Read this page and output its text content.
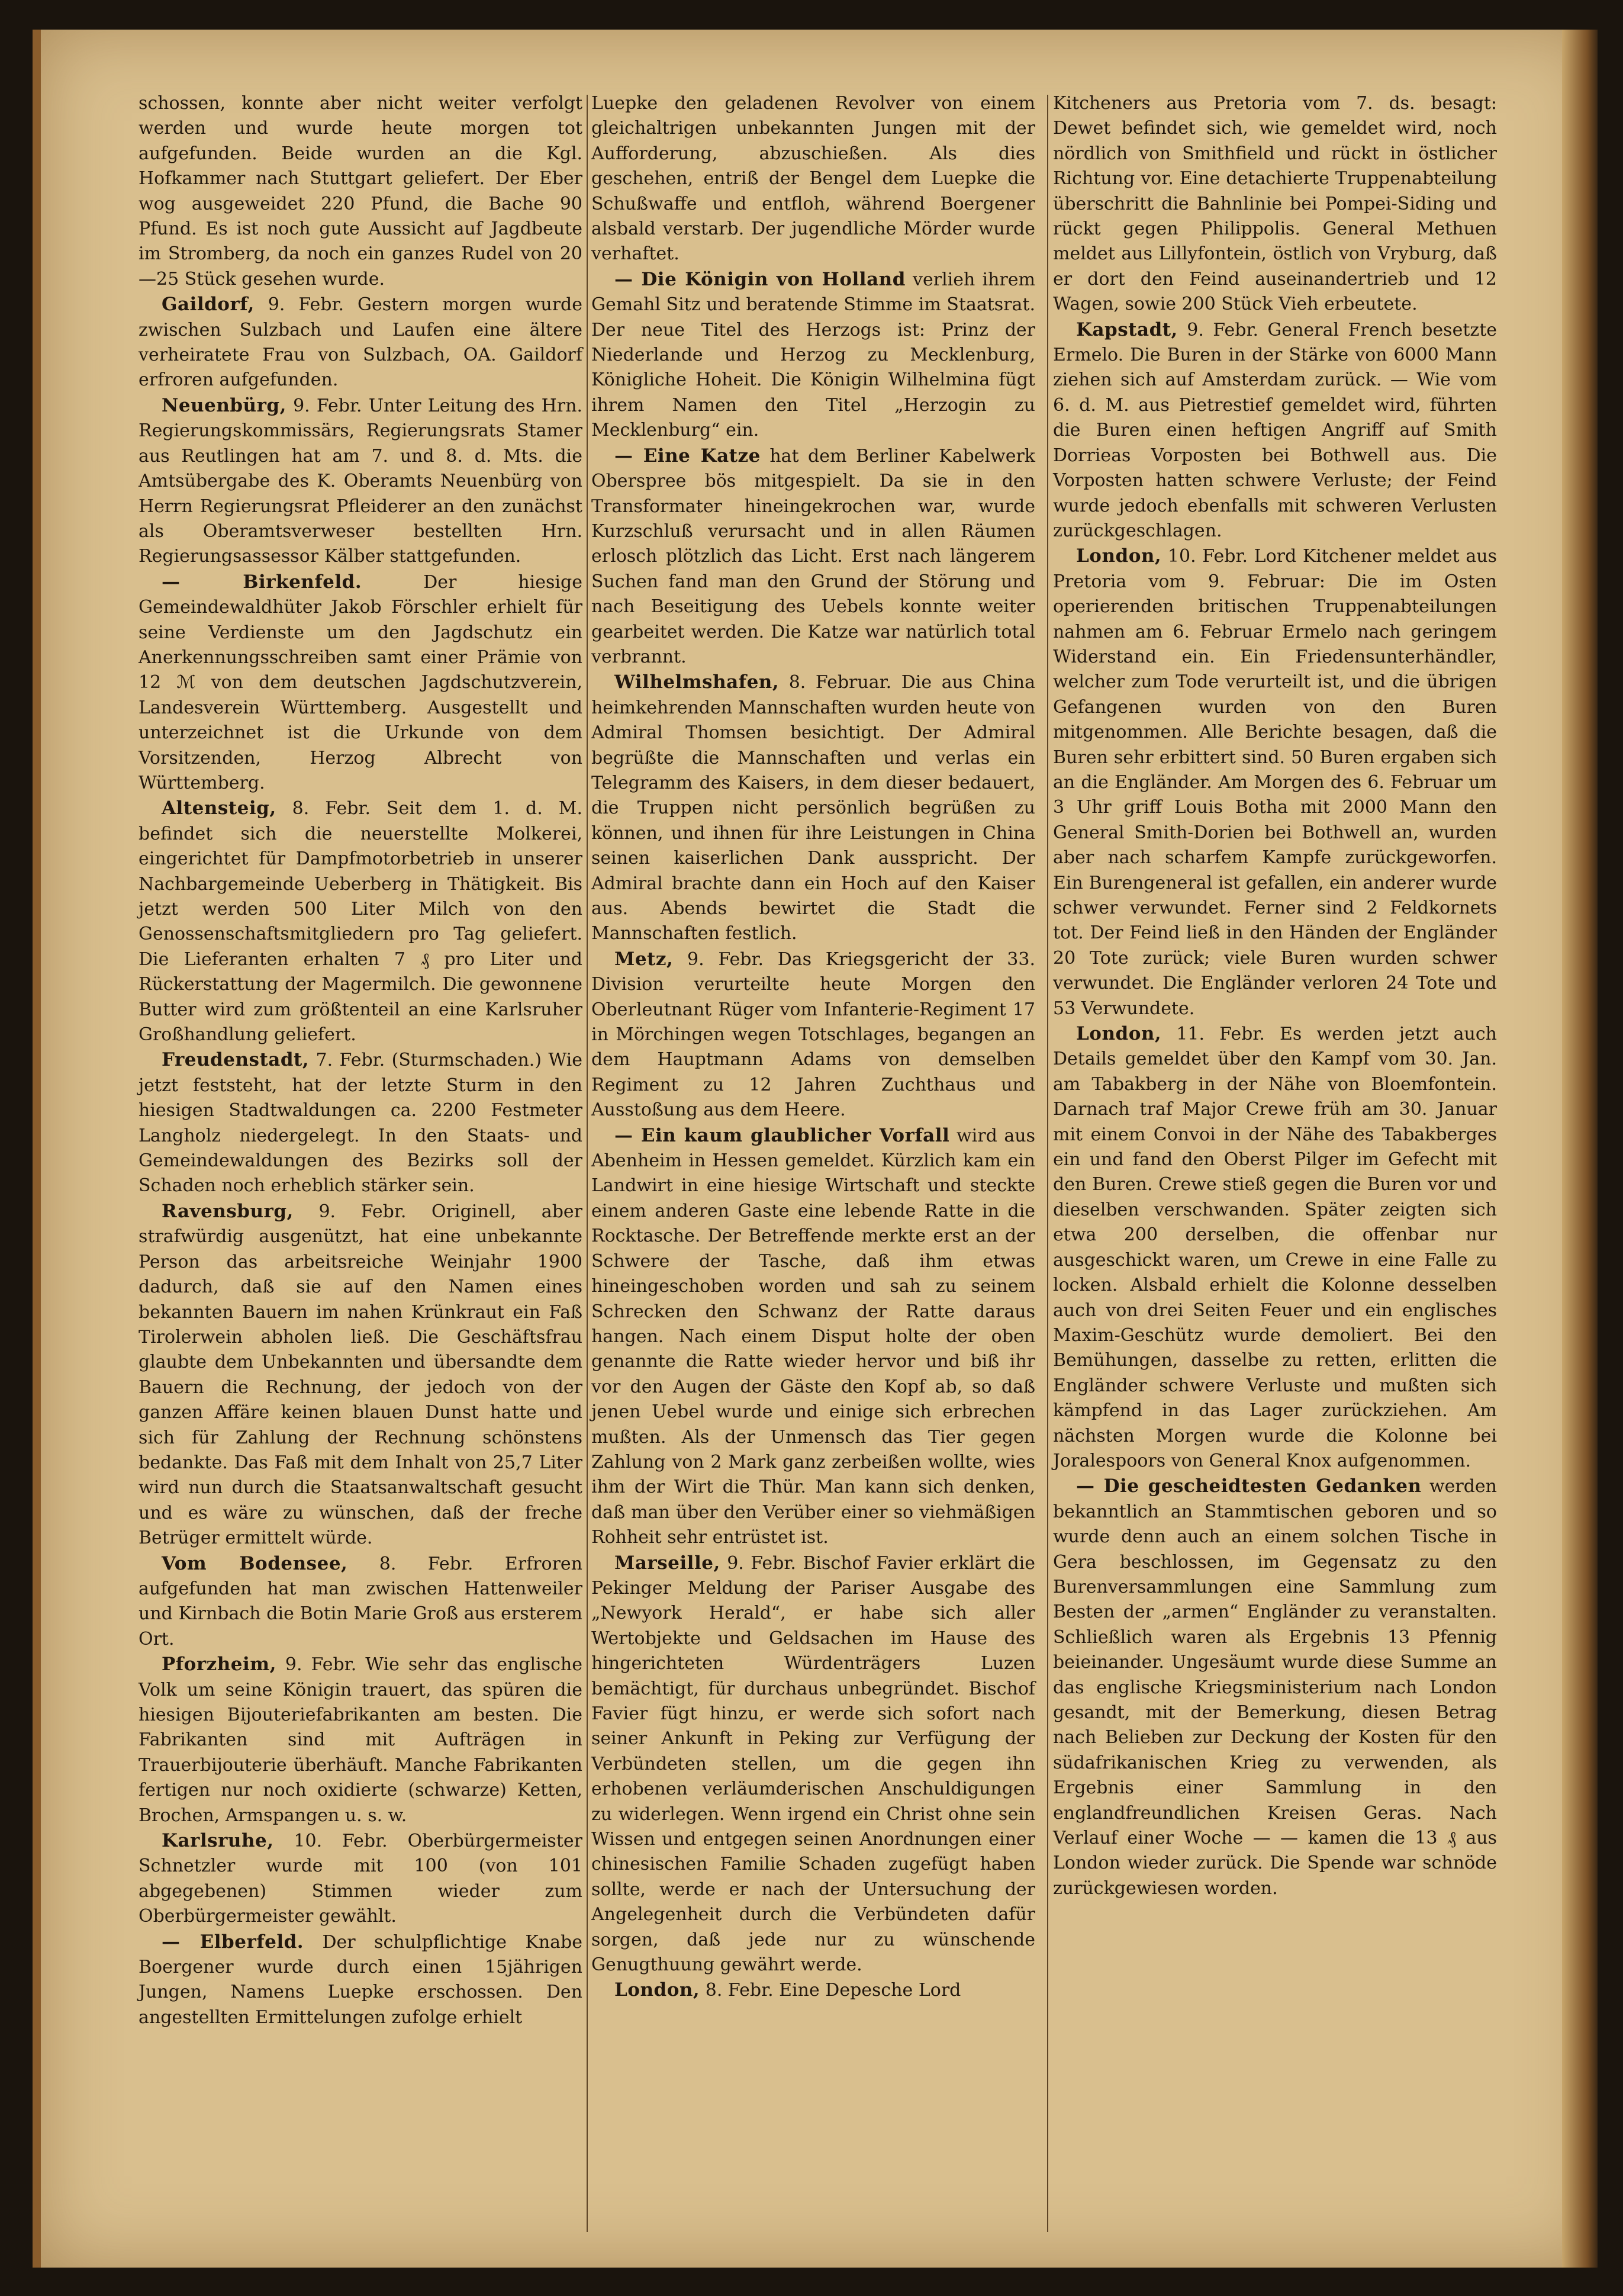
schossen, konnte aber nicht weiter verfolgt werden und wurde heute morgen tot aufgefunden. Beide wurden an die Kgl. Hofkammer nach Stuttgart geliefert. Der Eber wog ausgeweidet 220 Pfund, die Bache 90 Pfund. Es ist noch gute Aussicht auf Jagdbeute im Stromberg, da noch ein ganzes Rudel von 20—25 Stück gesehen wurde.

Gaildorf, 9. Febr. Gestern morgen wurde zwischen Sulzbach und Laufen eine ältere verheiratete Frau von Sulzbach, OA. Gaildorf erfroren aufgefunden.

Neuenbürg, 9. Febr. Unter Leitung des Hrn. Regierungskommissärs, Regierungsrats Stamer aus Reutlingen hat am 7. und 8. d. Mts. die Amtsübergabe des K. Oberamts Neuenbürg von Herrn Regierungsrat Pfleiderer an den zunächst als Oberamtsverweser bestellten Hrn. Regierungsassessor Kälber stattgefunden.

— Birkenfeld.	Der hiesige Gemeindewaldhüter Jakob Förschler erhielt für seine Verdienste um den Jagdschutz ein Anerkennungsschreiben samt einer Prämie von 12 ℳ von dem deutschen Jagdschutzverein, Landesverein Württemberg. Ausgestellt und unterzeichnet ist die Urkunde von dem Vorsitzenden, Herzog Albrecht von Württemberg.

Altensteig, 8. Febr. Seit dem 1. d. M. befindet sich die neuerstellte Molkerei, eingerichtet für Dampfmotorbetrieb in unserer Nachbargemeinde Ueberberg in Thätigkeit. Bis jetzt werden 500 Liter Milch von den Genossenschaftsmitgliedern pro Tag geliefert. Die Lieferanten erhalten 7 ₰ pro Liter und Rückerstattung der Magermilch. Die gewonnene Butter wird zum größtenteil an eine Karlsruher Großhandlung geliefert.

Freudenstadt, 7. Febr. (Sturmschaden.) Wie jetzt feststeht, hat der letzte Sturm in den hiesigen Stadtwaldungen ca. 2200 Festmeter Langholz niedergelegt. In den Staats- und Gemeindewaldungen des Bezirks soll der Schaden noch erheblich stärker sein.

Ravensburg, 9. Febr. Originell, aber strafwürdig ausgenützt, hat eine unbekannte Person das arbeitsreiche Weinjahr 1900 dadurch, daß sie auf den Namen eines bekannten Bauern im nahen Krünkraut ein Faß Tirolerwein abholen ließ. Die Geschäftsfrau glaubte dem Unbekannten und übersandte dem Bauern die Rechnung, der jedoch von der ganzen Affäre keinen blauen Dunst hatte und sich für Zahlung der Rechnung schönstens bedankte. Das Faß mit dem Inhalt von 25,7 Liter wird nun durch die Staatsanwaltschaft gesucht und es wäre zu wünschen, daß der freche Betrüger ermittelt würde.

Vom Bodensee, 8. Febr. Erfroren aufgefunden hat man zwischen Hattenweiler und Kirnbach die Botin Marie Groß aus ersterem Ort.

Pforzheim, 9. Febr. Wie sehr das englische Volk um seine Königin trauert, das spüren die hiesigen Bijouteriefabrikanten am besten. Die Fabrikanten sind mit Aufträgen in Trauerbijouterie überhäuft. Manche Fabrikanten fertigen nur noch oxidierte (schwarze) Ketten, Brochen, Armspangen u. s. w.

Karlsruhe, 10. Febr. Oberbürgermeister Schnetzler wurde mit 100 (von 101 abgegebenen) Stimmen wieder zum Oberbürgermeister gewählt.

— Elberfeld. Der schulpflichtige Knabe Boergener wurde durch einen 15jährigen Jungen, Namens Luepke erschossen. Den angestellten Ermittelungen zufolge erhielt

Luepke den geladenen Revolver von einem gleichaltrigen unbekannten Jungen mit der Aufforderung, abzuschießen. Als dies geschehen, entriß der Bengel dem Luepke die Schußwaffe und entfloh, während Boergener alsbald verstarb. Der jugendliche Mörder wurde verhaftet.

— Die Königin von Holland verlieh ihrem Gemahl Sitz und beratende Stimme im Staatsrat. Der neue Titel des Herzogs ist: Prinz der Niederlande und Herzog zu Mecklenburg, Königliche Hoheit. Die Königin Wilhelmina fügt ihrem Namen den Titel „Herzogin zu Mecklenburg“ ein.

— Eine Katze hat dem Berliner Kabelwerk Oberspree bös mitgespielt. Da sie in den Transformater hineingekrochen war, wurde Kurzschluß verursacht und in allen Räumen erlosch plötzlich das Licht. Erst nach längerem Suchen fand man den Grund der Störung und nach Beseitigung des Uebels konnte weiter gearbeitet werden. Die Katze war natürlich total verbrannt.

Wilhelmshafen, 8. Februar. Die aus China heimkehrenden Mannschaften wurden heute von Admiral Thomsen besichtigt. Der Admiral begrüßte die Mannschaften und verlas ein Telegramm des Kaisers, in dem dieser bedauert, die Truppen nicht persönlich begrüßen zu können, und ihnen für ihre Leistungen in China seinen kaiserlichen Dank ausspricht. Der Admiral brachte dann ein Hoch auf den Kaiser aus. Abends bewirtet die Stadt die Mannschaften festlich.

Metz, 9. Febr. Das Kriegsgericht der 33. Division verurteilte heute Morgen den Oberleutnant Rüger vom Infanterie-Regiment 17 in Mörchingen wegen Totschlages, begangen an dem Hauptmann Adams von demselben Regiment zu 12 Jahren Zuchthaus und Ausstoßung aus dem Heere.

— Ein kaum glaublicher Vorfall wird aus Abenheim in Hessen gemeldet. Kürzlich kam ein Landwirt in eine hiesige Wirtschaft und steckte einem anderen Gaste eine lebende Ratte in die Rocktasche. Der Betreffende merkte erst an der Schwere der Tasche, daß ihm etwas hineingeschoben worden und sah zu seinem Schrecken den Schwanz der Ratte daraus hangen. Nach einem Disput holte der oben genannte die Ratte wieder hervor und biß ihr vor den Augen der Gäste den Kopf ab, so daß jenen Uebel wurde und einige sich erbrechen mußten. Als der Unmensch das Tier gegen Zahlung von 2 Mark ganz zerbeißen wollte, wies ihm der Wirt die Thür. Man kann sich denken, daß man über den Verüber einer so viehmäßigen Rohheit sehr entrüstet ist.

Marseille, 9. Febr. Bischof Favier erklärt die Pekinger Meldung der Pariser Ausgabe des „Newyork Herald“, er habe sich aller Wertobjekte und Geldsachen im Hause des hingerichteten Würdenträgers Luzen bemächtigt, für durchaus unbegründet. Bischof Favier fügt hinzu, er werde sich sofort nach seiner Ankunft in Peking zur Verfügung der Verbündeten stellen, um die gegen ihn erhobenen verläumderischen Anschuldigungen zu widerlegen. Wenn irgend ein Christ ohne sein Wissen und entgegen seinen Anordnungen einer chinesischen Familie Schaden zugefügt haben sollte, werde er nach der Untersuchung der Angelegenheit durch die Verbündeten dafür sorgen, daß jede nur zu wünschende Genugthuung gewährt werde.

London, 8. Febr. Eine Depesche Lord

Kitcheners aus Pretoria vom 7. ds. besagt: Dewet befindet sich, wie gemeldet wird, noch nördlich von Smithfield und rückt in östlicher Richtung vor. Eine detachierte Truppenabteilung überschritt die Bahnlinie bei Pompei-Siding und rückt gegen Philippolis. General Methuen meldet aus Lillyfontein, östlich von Vryburg, daß er dort den Feind auseinandertrieb und 12 Wagen, sowie 200 Stück Vieh erbeutete.

Kapstadt, 9. Febr. General French besetzte Ermelo. Die Buren in der Stärke von 6000 Mann ziehen sich auf Amsterdam zurück. — Wie vom 6. d. M. aus Pietrestief gemeldet wird, führten die Buren einen heftigen Angriff auf Smith Dorrieas Vorposten bei Bothwell aus. Die Vorposten hatten schwere Verluste; der Feind wurde jedoch ebenfalls mit schweren Verlusten zurückgeschlagen.

London, 10. Febr. Lord Kitchener meldet aus Pretoria vom 9. Februar: Die im Osten operierenden britischen Truppenabteilungen nahmen am 6. Februar Ermelo nach geringem Widerstand ein. Ein Friedensunterhändler, welcher zum Tode verurteilt ist, und die übrigen Gefangenen wurden von den Buren mitgenommen. Alle Berichte besagen, daß die Buren sehr erbittert sind. 50 Buren ergaben sich an die Engländer. Am Morgen des 6. Februar um 3 Uhr griff Louis Botha mit 2000 Mann den General Smith-Dorien bei Bothwell an, wurden aber nach scharfem Kampfe zurückgeworfen. Ein Burengeneral ist gefallen, ein anderer wurde schwer verwundet. Ferner sind 2 Feldkornets tot. Der Feind ließ in den Händen der Engländer 20 Tote zurück; viele Buren wurden schwer verwundet. Die Engländer verloren 24 Tote und 53 Verwundete.

London, 11. Febr. Es werden jetzt auch Details gemeldet über den Kampf vom 30. Jan. am Tabakberg in der Nähe von Bloemfontein. Darnach traf Major Crewe früh am 30. Januar mit einem Convoi in der Nähe des Tabakberges ein und fand den Oberst Pilger im Gefecht mit den Buren. Crewe stieß gegen die Buren vor und dieselben verschwanden. Später zeigten sich etwa 200 derselben, die offenbar nur ausgeschickt waren, um Crewe in eine Falle zu locken. Alsbald erhielt die Kolonne desselben auch von drei Seiten Feuer und ein englisches Maxim-Geschütz wurde demoliert. Bei den Bemühungen, dasselbe zu retten, erlitten die Engländer schwere Verluste und mußten sich kämpfend in das Lager zurückziehen. Am nächsten Morgen wurde die Kolonne bei Joralespoors von General Knox aufgenommen.

— Die gescheidtesten Gedanken werden bekanntlich an Stammtischen geboren und so wurde denn auch an einem solchen Tische in Gera beschlossen, im Gegensatz zu den Burenversammlungen eine Sammlung zum Besten der „armen“ Engländer zu veranstalten. Schließlich waren als Ergebnis 13 Pfennig beieinander. Ungesäumt wurde diese Summe an das englische Kriegsministerium nach London gesandt, mit der Bemerkung, diesen Betrag nach Belieben zur Deckung der Kosten für den südafrikanischen Krieg zu verwenden, als Ergebnis einer Sammlung in den englandfreundlichen Kreisen Geras. Nach Verlauf einer Woche — — kamen die 13 ₰ aus London wieder zurück. Die Spende war schnöde zurückgewiesen worden.
